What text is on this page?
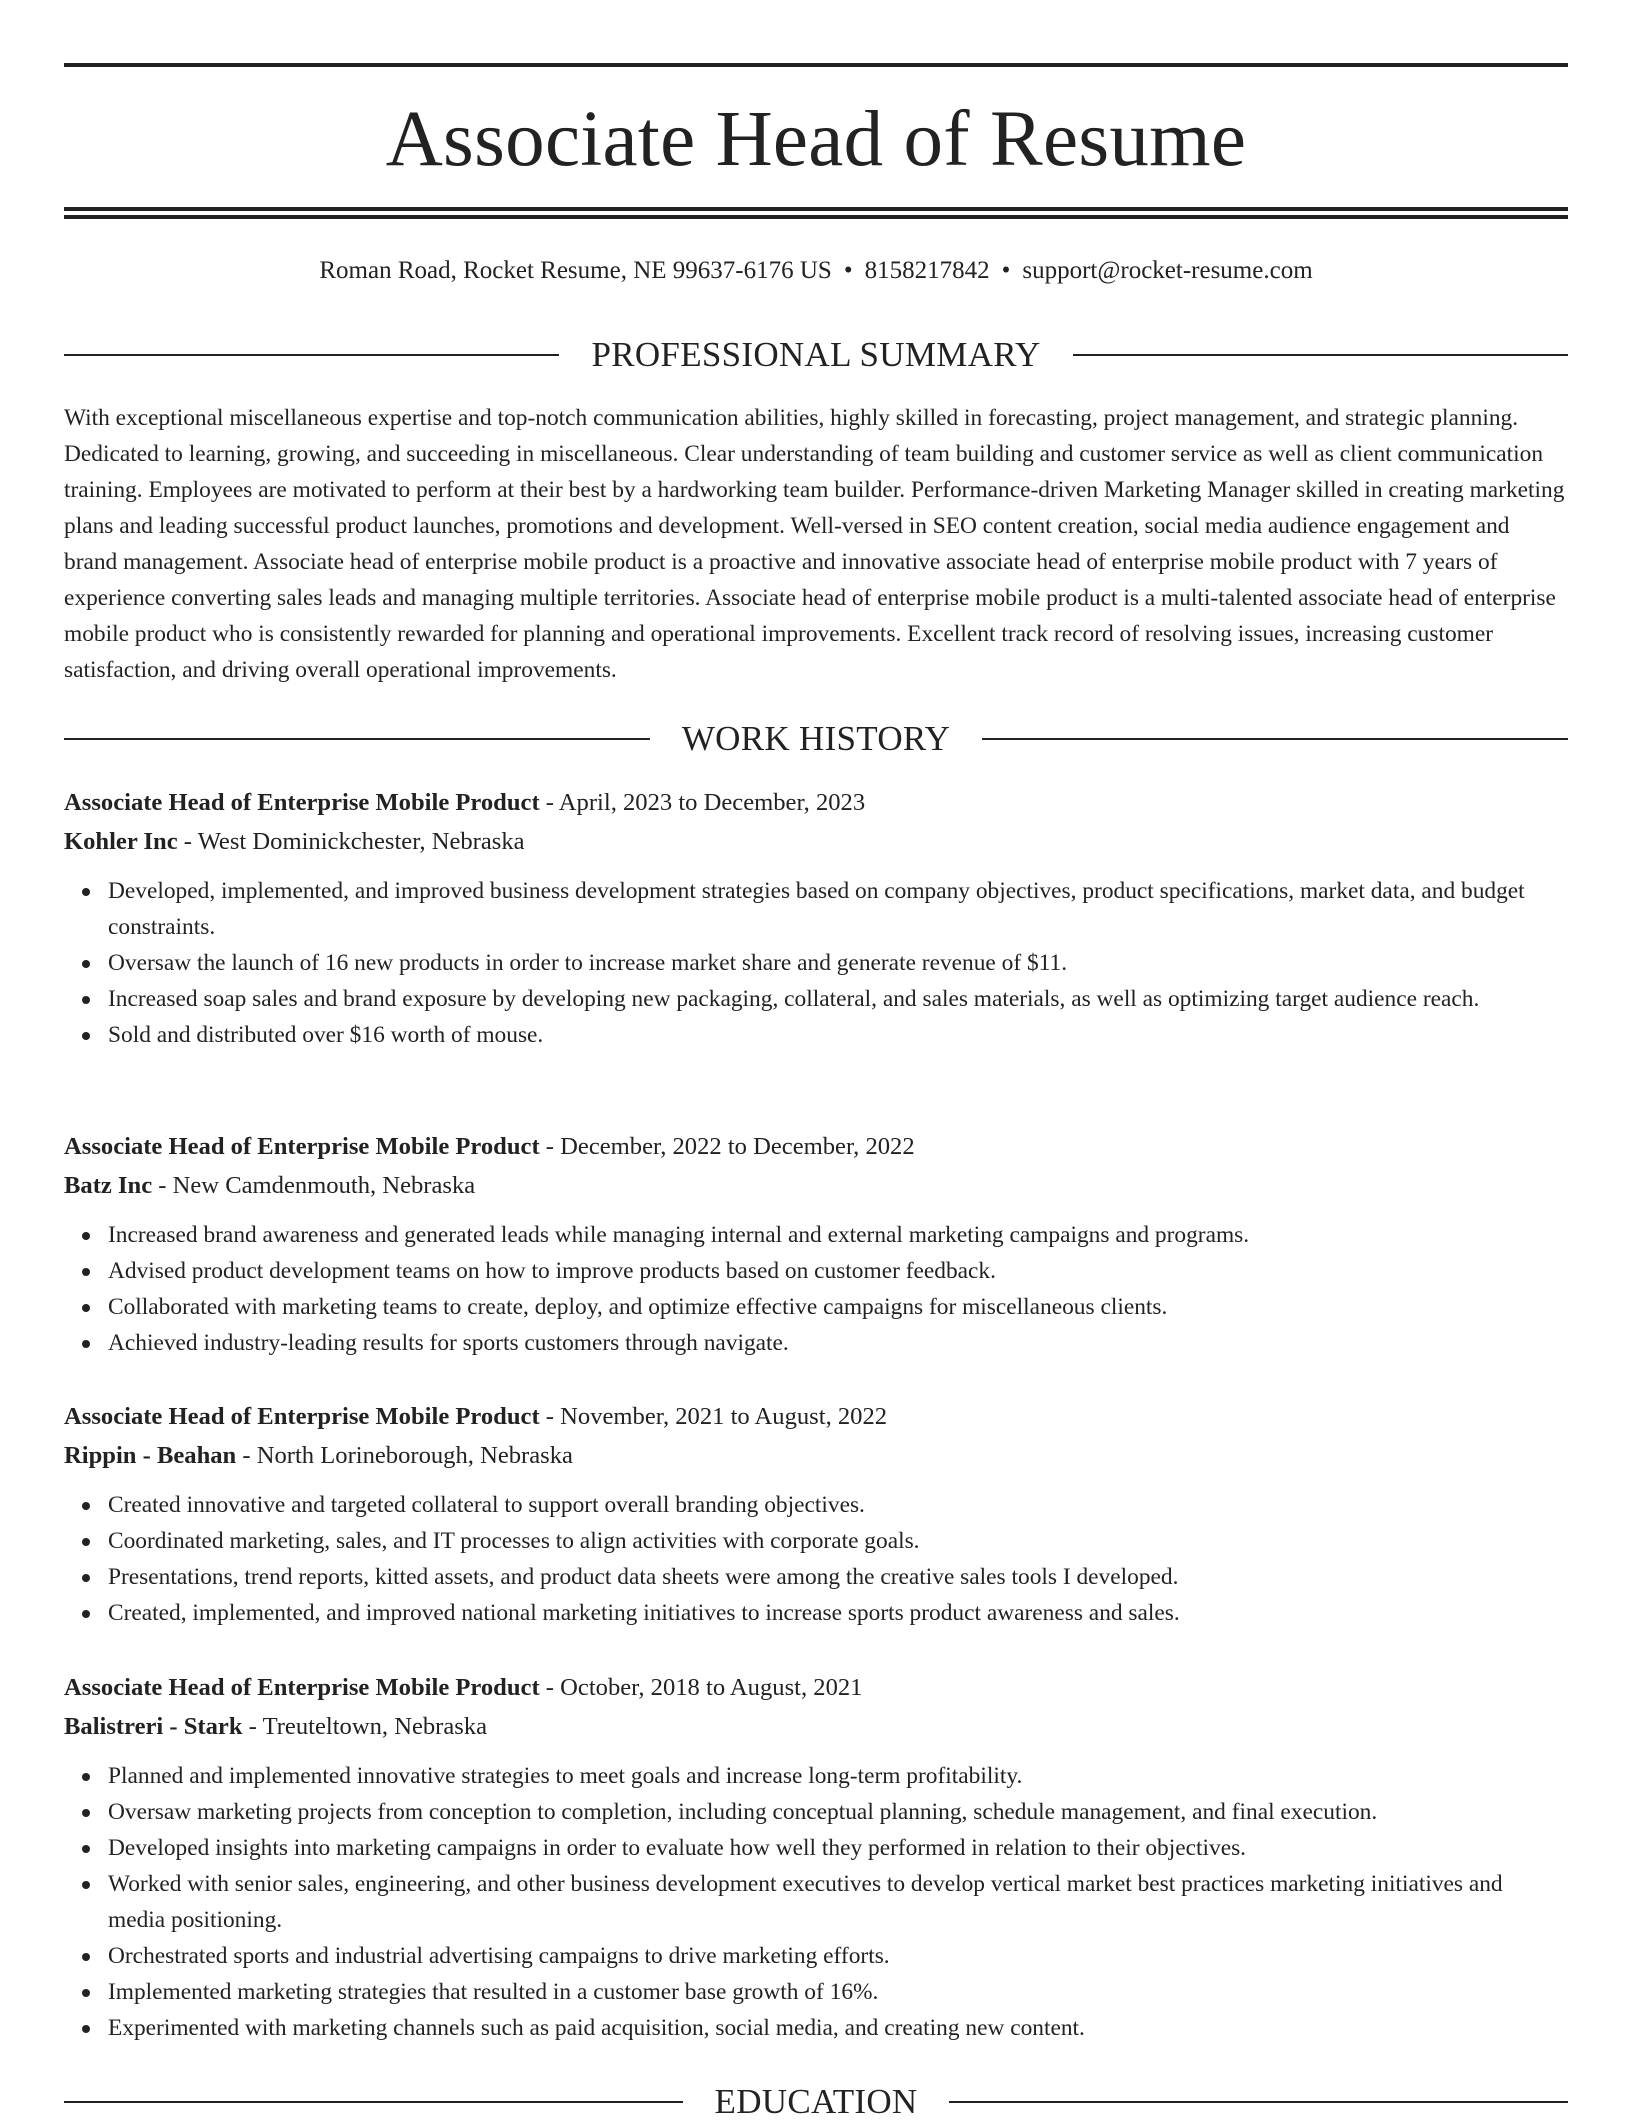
Associate Head of Resume
Roman Road, Rocket Resume, NE 99637-6176 US • 8158217842 • support@rocket-resume.com
PROFESSIONAL SUMMARY

With exceptional miscellaneous expertise and top-notch communication abilities, highly skilled in forecasting, project management, and strategic planning. Dedicated to learning, growing, and succeeding in miscellaneous. Clear understanding of team building and customer service as well as client communication training. Employees are motivated to perform at their best by a hardworking team builder. Performance-driven Marketing Manager skilled in creating marketing plans and leading successful product launches, promotions and development. Well-versed in SEO content creation, social media audience engagement and brand management. Associate head of enterprise mobile product is a proactive and innovative associate head of enterprise mobile product with 7 years of experience converting sales leads and managing multiple territories. Associate head of enterprise mobile product is a multi-talented associate head of enterprise mobile product who is consistently rewarded for planning and operational improvements. Excellent track record of resolving issues, increasing customer satisfaction, and driving overall operational improvements.

WORK HISTORY
Associate Head of Enterprise Mobile Product - April, 2023 to December, 2023
Kohler Inc - West Dominickchester, Nebraska
Developed, implemented, and improved business development strategies based on company objectives, product specifications, market data, and budget constraints.
Oversaw the launch of 16 new products in order to increase market share and generate revenue of $11.
Increased soap sales and brand exposure by developing new packaging, collateral, and sales materials, as well as optimizing target audience reach.
Sold and distributed over $16 worth of mouse.
Associate Head of Enterprise Mobile Product - December, 2022 to December, 2022
Batz Inc - New Camdenmouth, Nebraska
Increased brand awareness and generated leads while managing internal and external marketing campaigns and programs.
Advised product development teams on how to improve products based on customer feedback.
Collaborated with marketing teams to create, deploy, and optimize effective campaigns for miscellaneous clients.
Achieved industry-leading results for sports customers through navigate.
Associate Head of Enterprise Mobile Product - November, 2021 to August, 2022
Rippin - Beahan - North Lorineborough, Nebraska
Created innovative and targeted collateral to support overall branding objectives.
Coordinated marketing, sales, and IT processes to align activities with corporate goals.
Presentations, trend reports, kitted assets, and product data sheets were among the creative sales tools I developed.
Created, implemented, and improved national marketing initiatives to increase sports product awareness and sales.
Associate Head of Enterprise Mobile Product - October, 2018 to August, 2021
Balistreri - Stark - Treuteltown, Nebraska
Planned and implemented innovative strategies to meet goals and increase long-term profitability.
Oversaw marketing projects from conception to completion, including conceptual planning, schedule management, and final execution.
Developed insights into marketing campaigns in order to evaluate how well they performed in relation to their objectives.
Worked with senior sales, engineering, and other business development executives to develop vertical market best practices marketing initiatives and media positioning.
Orchestrated sports and industrial advertising campaigns to drive marketing efforts.
Implemented marketing strategies that resulted in a customer base growth of 16%.
Experimented with marketing channels such as paid acquisition, social media, and creating new content.
EDUCATION
